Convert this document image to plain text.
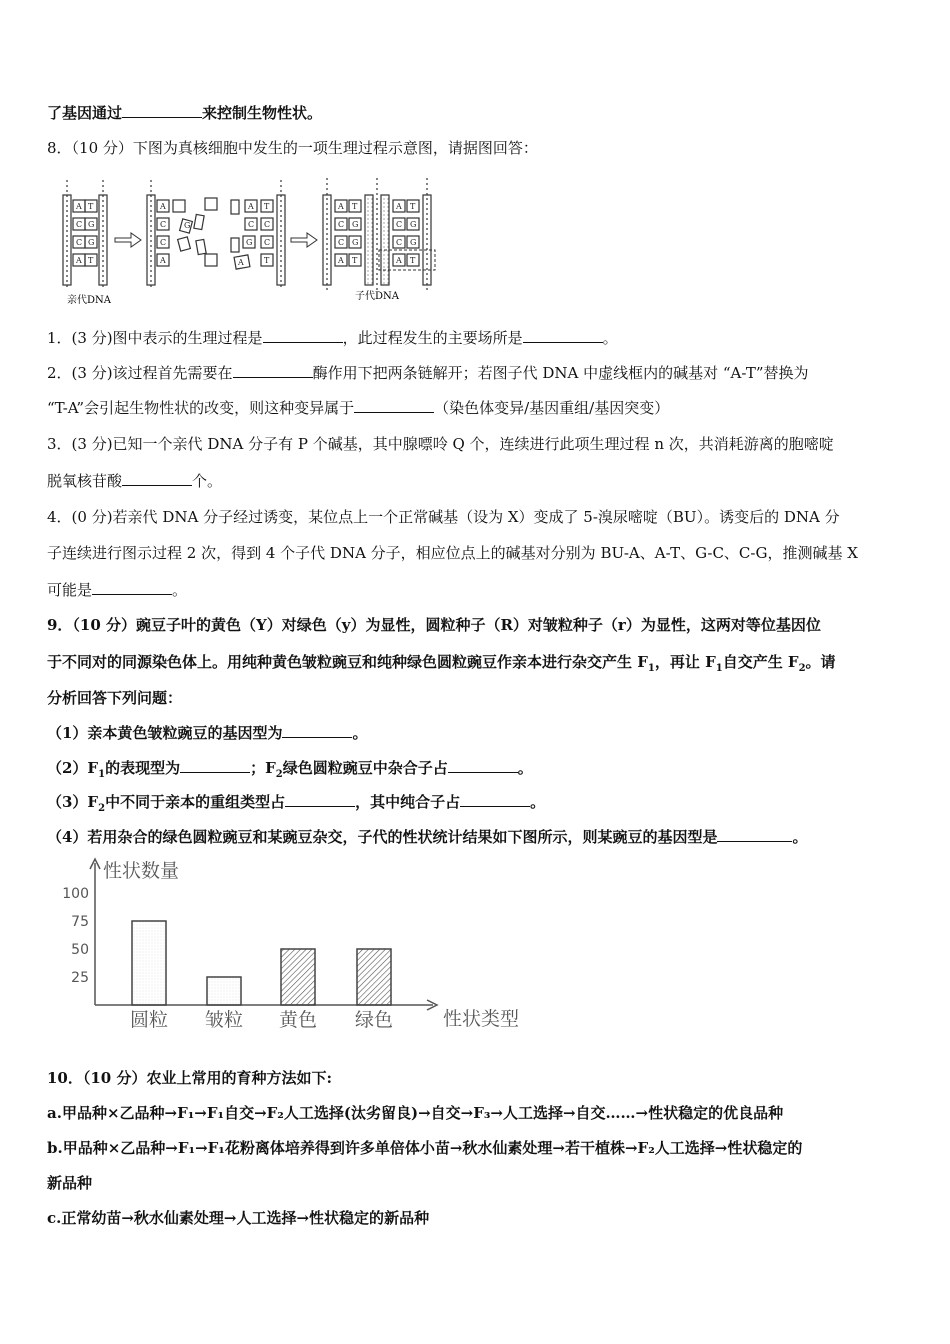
了基因通过	来控制生物性状。
8．（10 分）下图为真核细胞中发生的一项生理过程示意图，请据图回答：
A T
C G
C G
A T
亲代DNA
A
C
C
A
G
A T
C C
G C
A	T
A T
C G
C G
A T
A T
C G
C G
A T
子代DNA
1．(3 分)图中表示的生理过程是	，此过程发生的主要场所是	。
2．(3 分)该过程首先需要在	酶作用下把两条链解开；若图子代 DNA 中虚线框内的碱基对 “A-T”替换为
“T-A”会引起生物性状的改变，则这种变异属于	（染色体变异/基因重组/基因突变）
3．(3 分)已知一个亲代 DNA 分子有 P 个碱基，其中腺嘌呤 Q 个，连续进行此项生理过程 n 次，共消耗游离的胞嘧啶
脱氧核苷酸	个。
4．(0 分)若亲代 DNA 分子经过诱变，某位点上一个正常碱基（设为 X）变成了 5-溴尿嘧啶（BU）。诱变后的 DNA 分
子连续进行图示过程 2 次，得到 4 个子代 DNA 分子，相应位点上的碱基对分别为 BU-A、A-T、G-C、C-G，推测碱基 X
可能是	。
9．（10 分）豌豆子叶的黄色（Y）对绿色（y）为显性，圆粒种子（R）对皱粒种子（r）为显性，这两对等位基因位
于不同对的同源染色体上。用纯种黄色皱粒豌豆和纯种绿色圆粒豌豆作亲本进行杂交产生 $F_1$，再让 $F_1$自交产生 $F_2$。请
分析回答下列问题：
（1）亲本黄色皱粒豌豆的基因型为	。
$(2)F_1$的表现型为	；$F_2$绿色圆粒豌豆中杂合子占	。
$(3)F_2$中不同于亲本的重组类型占	，其中纯合子占	。
（4）若用杂合的绿色圆粒豌豆和某豌豆杂交，子代的性状统计结果如下图所示，则某豌豆的基因型是	。
性状数量
性状类型
25
50
75
100
圆粒 皱粒 黄色 绿色
10．（10 分）农业上常用的育种方法如下:
a.甲品种×乙品种→F₁→F₁自交→F₂人工选择(汰劣留良)→自交→F₃→人工选择→自交……→性状稳定的优良品种
b.甲品种×乙品种→F₁→F₁花粉离体培养得到许多单倍体小苗→秋水仙素处理→若干植株→F₂人工选择→性状稳定的
新品种
c.正常幼苗→秋水仙素处理→人工选择→性状稳定的新品种
